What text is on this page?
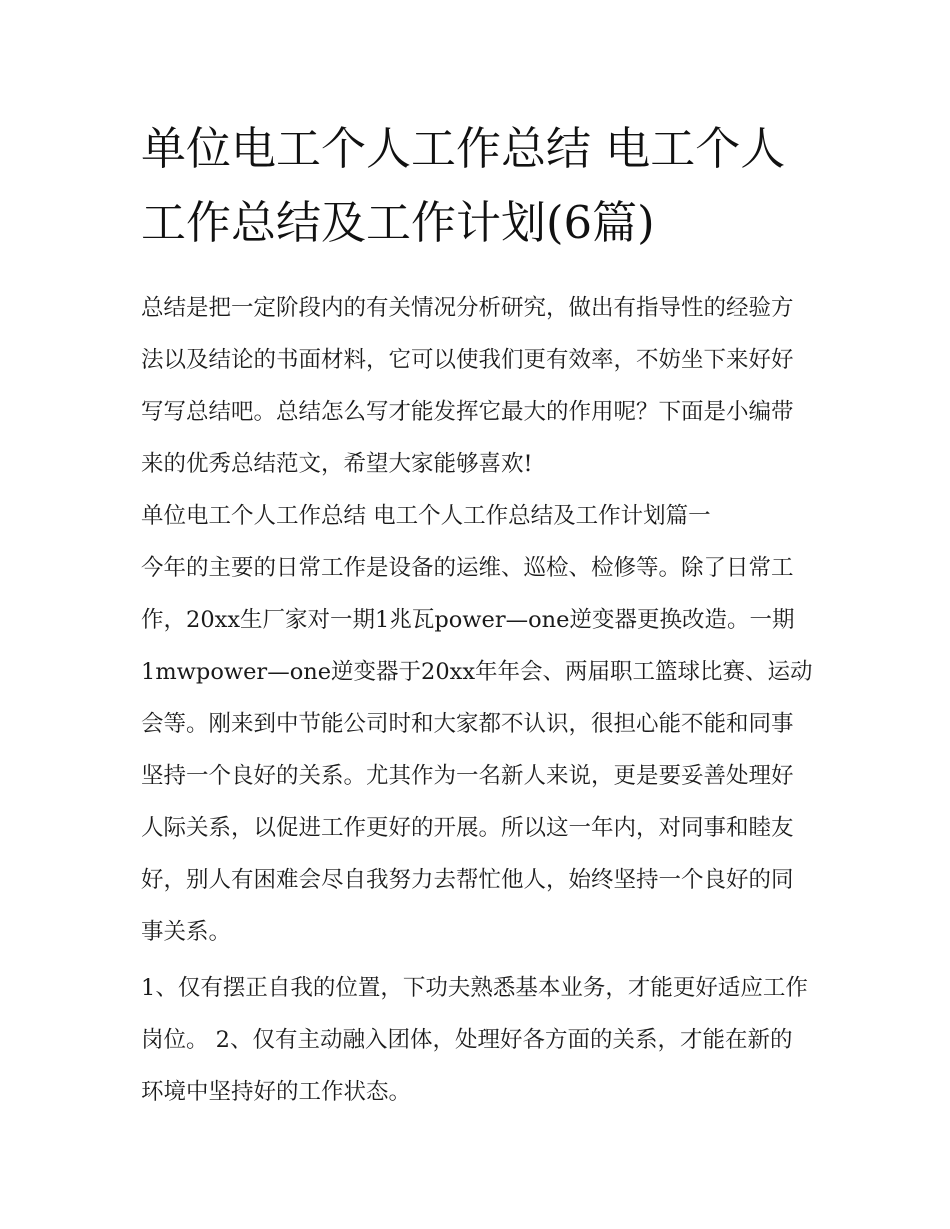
单位电工个人工作总结 电工个人工作总结及工作计划(6篇)

总结是把一定阶段内的有关情况分析研究，做出有指导性的经验方法以及结论的书面材料，它可以使我们更有效率，不妨坐下来好好写写总结吧。总结怎么写才能发挥它最大的作用呢？下面是小编带来的优秀总结范文，希望大家能够喜欢!

单位电工个人工作总结 电工个人工作总结及工作计划篇一

今年的主要的日常工作是设备的运维、巡检、检修等。除了日常工作，20xx生厂家对一期1兆瓦power—one逆变器更换改造。一期1mwpower—one逆变器于20xx年年会、两届职工篮球比赛、运动会等。刚来到中节能公司时和大家都不认识，很担心能不能和同事坚持一个良好的关系。尤其作为一名新人来说，更是要妥善处理好人际关系，以促进工作更好的开展。所以这一年内，对同事和睦友好，别人有困难会尽自我努力去帮忙他人，始终坚持一个良好的同事关系。

1、仅有摆正自我的位置，下功夫熟悉基本业务，才能更好适应工作岗位。 2、仅有主动融入团体，处理好各方面的关系，才能在新的环境中坚持好的工作状态。
